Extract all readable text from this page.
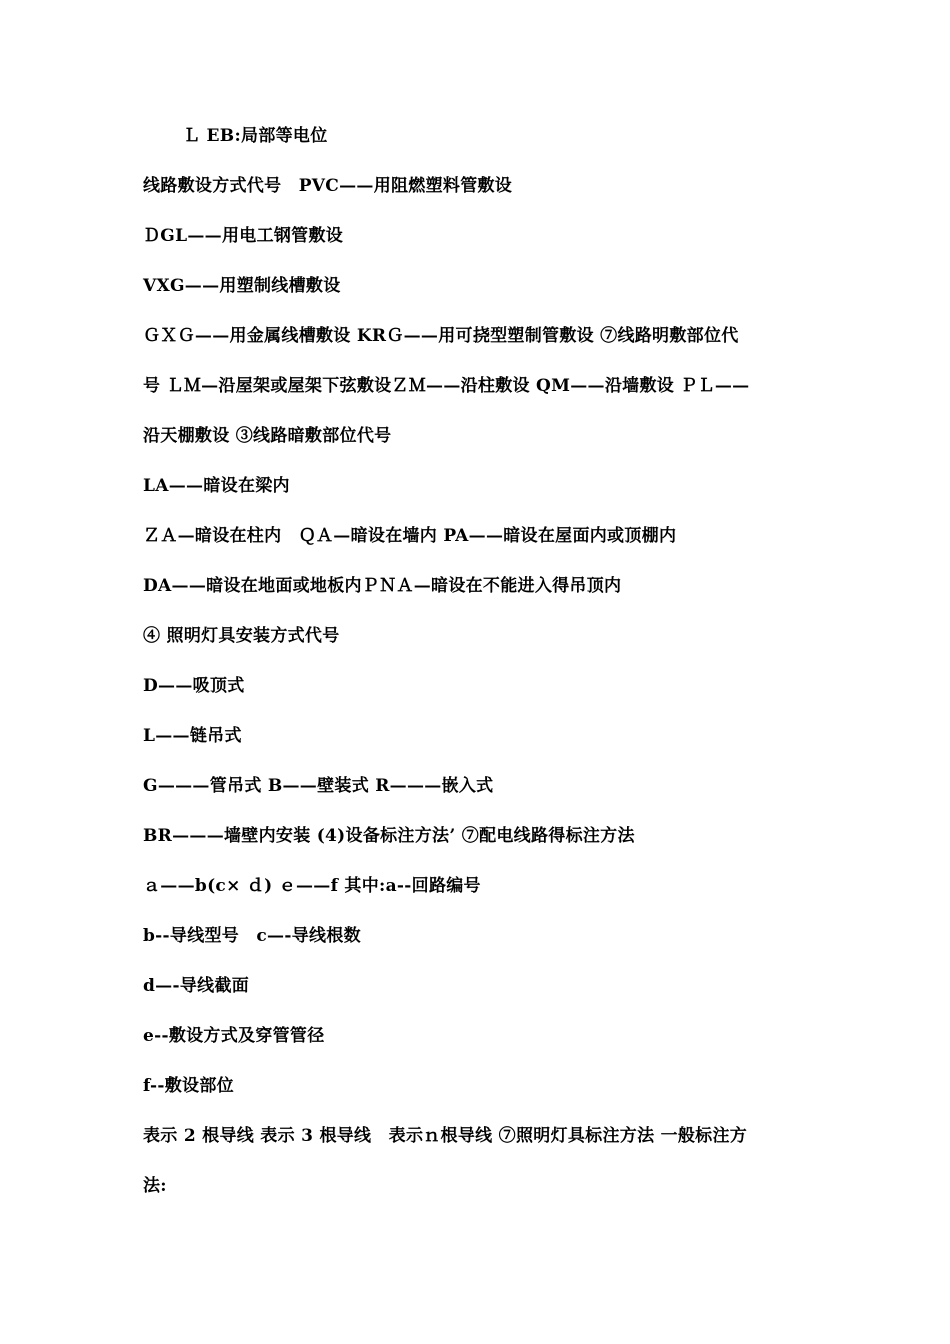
Ｌ EB:局部等电位
线路敷设方式代号　PVC——用阻燃塑料管敷设
ＤGL——用电工钢管敷设
VXG——用塑制线槽敷设
ＧＸＧ——用金属线槽敷设 KRＧ——用可挠型塑制管敷设 ⑦线路明敷部位代
号 ＬＭ—沿屋架或屋架下弦敷设ＺＭ——沿柱敷设 QM——沿墙敷设 ＰＬ——
沿天棚敷设 ③线路暗敷部位代号
LA——暗设在梁内
ＺＡ—暗设在柱内　ＱＡ—暗设在墙内 PA——暗设在屋面内或顶棚内
DA——暗设在地面或地板内ＰＮＡ—暗设在不能进入得吊顶内
④ 照明灯具安装方式代号
D——吸顶式
L——链吊式
G———管吊式 B——壁装式 R———嵌入式
BR———墙壁内安装 (4)设备标注方法’ ⑦配电线路得标注方法
ａ——b(c× ｄ) ｅ——f 其中:a--回路编号
b--导线型号　c—-导线根数
d—-导线截面
e--敷设方式及穿管管径
f--敷设部位
表示 2 根导线 表示 3 根导线　表示ｎ根导线 ⑦照明灯具标注方法 一般标注方
法:
